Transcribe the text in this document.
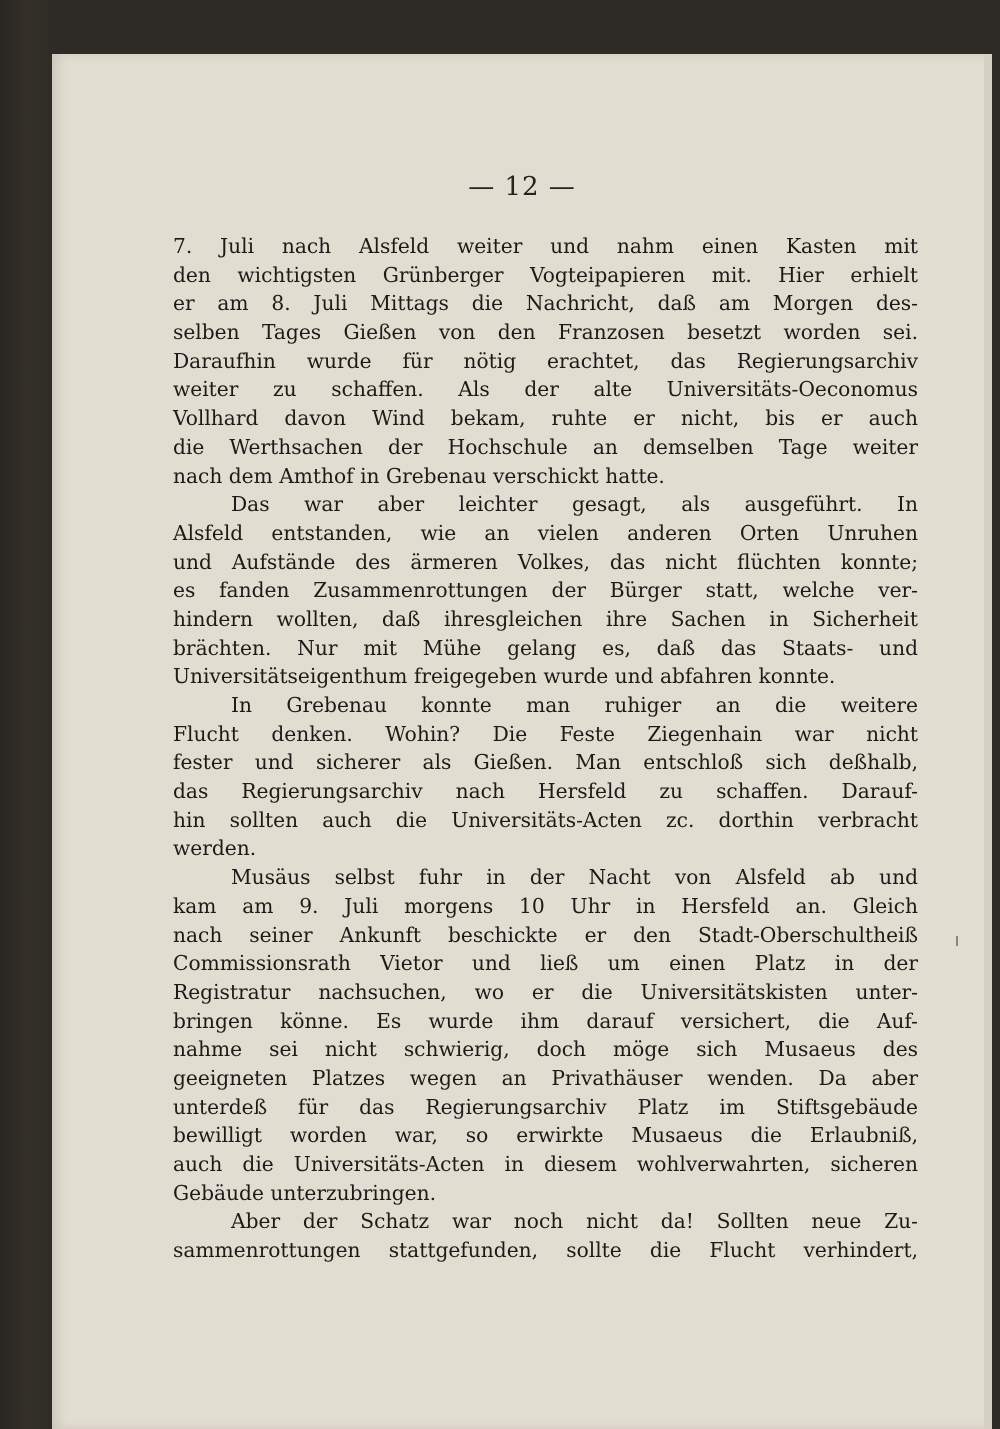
— 12 —
7. Juli nach Alsfeld weiter und nahm einen Kasten mit
den wichtigsten Grünberger Vogteipapieren mit. Hier erhielt
er am 8. Juli Mittags die Nachricht, daß am Morgen des-
selben Tages Gießen von den Franzosen besetzt worden sei.
Daraufhin wurde für nötig erachtet, das Regierungsarchiv
weiter zu schaffen. Als der alte Universitäts-Oeconomus
Vollhard davon Wind bekam, ruhte er nicht, bis er auch
die Werthsachen der Hochschule an demselben Tage weiter
nach dem Amthof in Grebenau verschickt hatte.
Das war aber leichter gesagt, als ausgeführt. In
Alsfeld entstanden, wie an vielen anderen Orten Unruhen
und Aufstände des ärmeren Volkes, das nicht flüchten konnte;
es fanden Zusammenrottungen der Bürger statt, welche ver-
hindern wollten, daß ihresgleichen ihre Sachen in Sicherheit
brächten. Nur mit Mühe gelang es, daß das Staats- und
Universitätseigenthum freigegeben wurde und abfahren konnte.
In Grebenau konnte man ruhiger an die weitere
Flucht denken. Wohin? Die Feste Ziegenhain war nicht
fester und sicherer als Gießen. Man entschloß sich deßhalb,
das Regierungsarchiv nach Hersfeld zu schaffen. Darauf-
hin sollten auch die Universitäts-Acten zc. dorthin verbracht
werden.
Musäus selbst fuhr in der Nacht von Alsfeld ab und
kam am 9. Juli morgens 10 Uhr in Hersfeld an. Gleich
nach seiner Ankunft beschickte er den Stadt-Oberschultheiß
Commissionsrath Vietor und ließ um einen Platz in der
Registratur nachsuchen, wo er die Universitätskisten unter-
bringen könne. Es wurde ihm darauf versichert, die Auf-
nahme sei nicht schwierig, doch möge sich Musaeus des
geeigneten Platzes wegen an Privathäuser wenden. Da aber
unterdeß für das Regierungsarchiv Platz im Stiftsgebäude
bewilligt worden war, so erwirkte Musaeus die Erlaubniß,
auch die Universitäts-Acten in diesem wohlverwahrten, sicheren
Gebäude unterzubringen.
Aber der Schatz war noch nicht da! Sollten neue Zu-
sammenrottungen stattgefunden, sollte die Flucht verhindert,
